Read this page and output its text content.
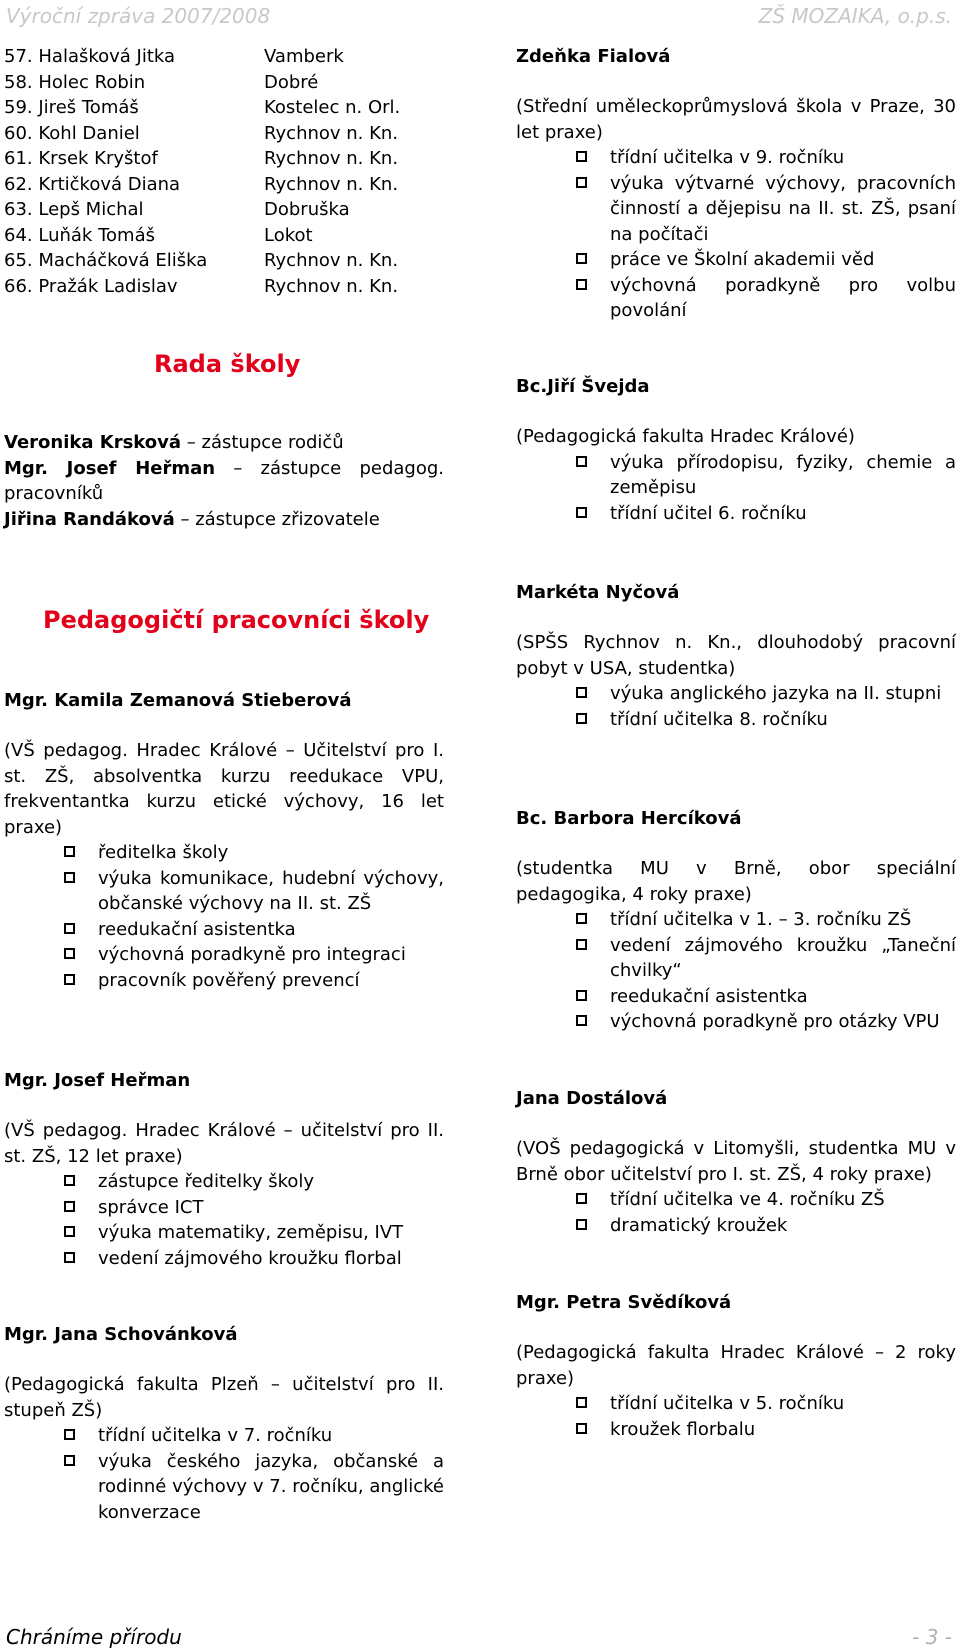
Výroční zpráva 2007/2008	ZŠ MOZAIKA, o.p.s.
57. Halašková Jitka	Vamberk
58. Holec Robin	Dobré
59. Jireš Tomáš	Kostelec n. Orl.
60. Kohl Daniel	Rychnov n. Kn.
61. Krsek Kryštof	Rychnov n. Kn.
62. Krtičková Diana	Rychnov n. Kn.
63. Lepš Michal	Dobruška
64. Luňák Tomáš	Lokot
65. Macháčková Eliška	Rychnov n. Kn.
66. Pražák Ladislav	Rychnov n. Kn.
Rada školy
Veronika Krsková – zástupce rodičů
Mgr. Josef Heřman – zástupce pedagog. pracovníků
Jiřina Randáková – zástupce zřizovatele
Pedagogičtí pracovníci školy
Mgr. Kamila Zemanová Stieberová
(VŠ pedagog. Hradec Králové – Učitelství pro I. st. ZŠ, absolventka kurzu reedukace VPU, frekventantka kurzu etické výchovy, 16 let praxe)
ředitelka školy
výuka komunikace, hudební výchovy, občanské výchovy na II. st. ZŠ
reedukační asistentka
výchovná poradkyně pro integraci
pracovník pověřený prevencí
Mgr. Josef Heřman
(VŠ pedagog. Hradec Králové – učitelství pro II. st. ZŠ, 12 let praxe)
zástupce ředitelky školy
správce ICT
výuka matematiky, zeměpisu, IVT
vedení zájmového kroužku florbal
Mgr. Jana Schovánková
(Pedagogická fakulta Plzeň – učitelství pro II. stupeň ZŠ)
třídní učitelka v 7. ročníku
výuka českého jazyka, občanské a rodinné výchovy v 7. ročníku, anglické konverzace
Zdeňka Fialová
(Střední uměleckoprůmyslová škola v Praze, 30 let praxe)
třídní učitelka v 9. ročníku
výuka výtvarné výchovy, pracovních činností a dějepisu na II. st. ZŠ, psaní na počítači
práce ve Školní akademii věd
výchovná poradkyně pro volbu povolání
Bc.Jiří Švejda
(Pedagogická fakulta Hradec Králové)
výuka přírodopisu, fyziky, chemie a zeměpisu
třídní učitel 6. ročníku
Markéta Nyčová
(SPŠS Rychnov n. Kn., dlouhodobý pracovní pobyt v USA, studentka)
výuka anglického jazyka na II. stupni
třídní učitelka 8. ročníku
Bc. Barbora Hercíková
(studentka MU v Brně, obor speciální pedagogika, 4 roky praxe)
třídní učitelka v 1. – 3. ročníku ZŠ
vedení zájmového kroužku „Taneční chvilky“
reedukační asistentka
výchovná poradkyně pro otázky VPU
Jana Dostálová
(VOŠ pedagogická v Litomyšli, studentka MU v Brně obor učitelství pro I. st. ZŠ, 4 roky praxe)
třídní učitelka ve 4. ročníku ZŠ
dramatický kroužek
Mgr. Petra Svědíková
(Pedagogická fakulta Hradec Králové – 2 roky praxe)
třídní učitelka v 5. ročníku
kroužek florbalu
Chráníme přírodu	- 3 -
